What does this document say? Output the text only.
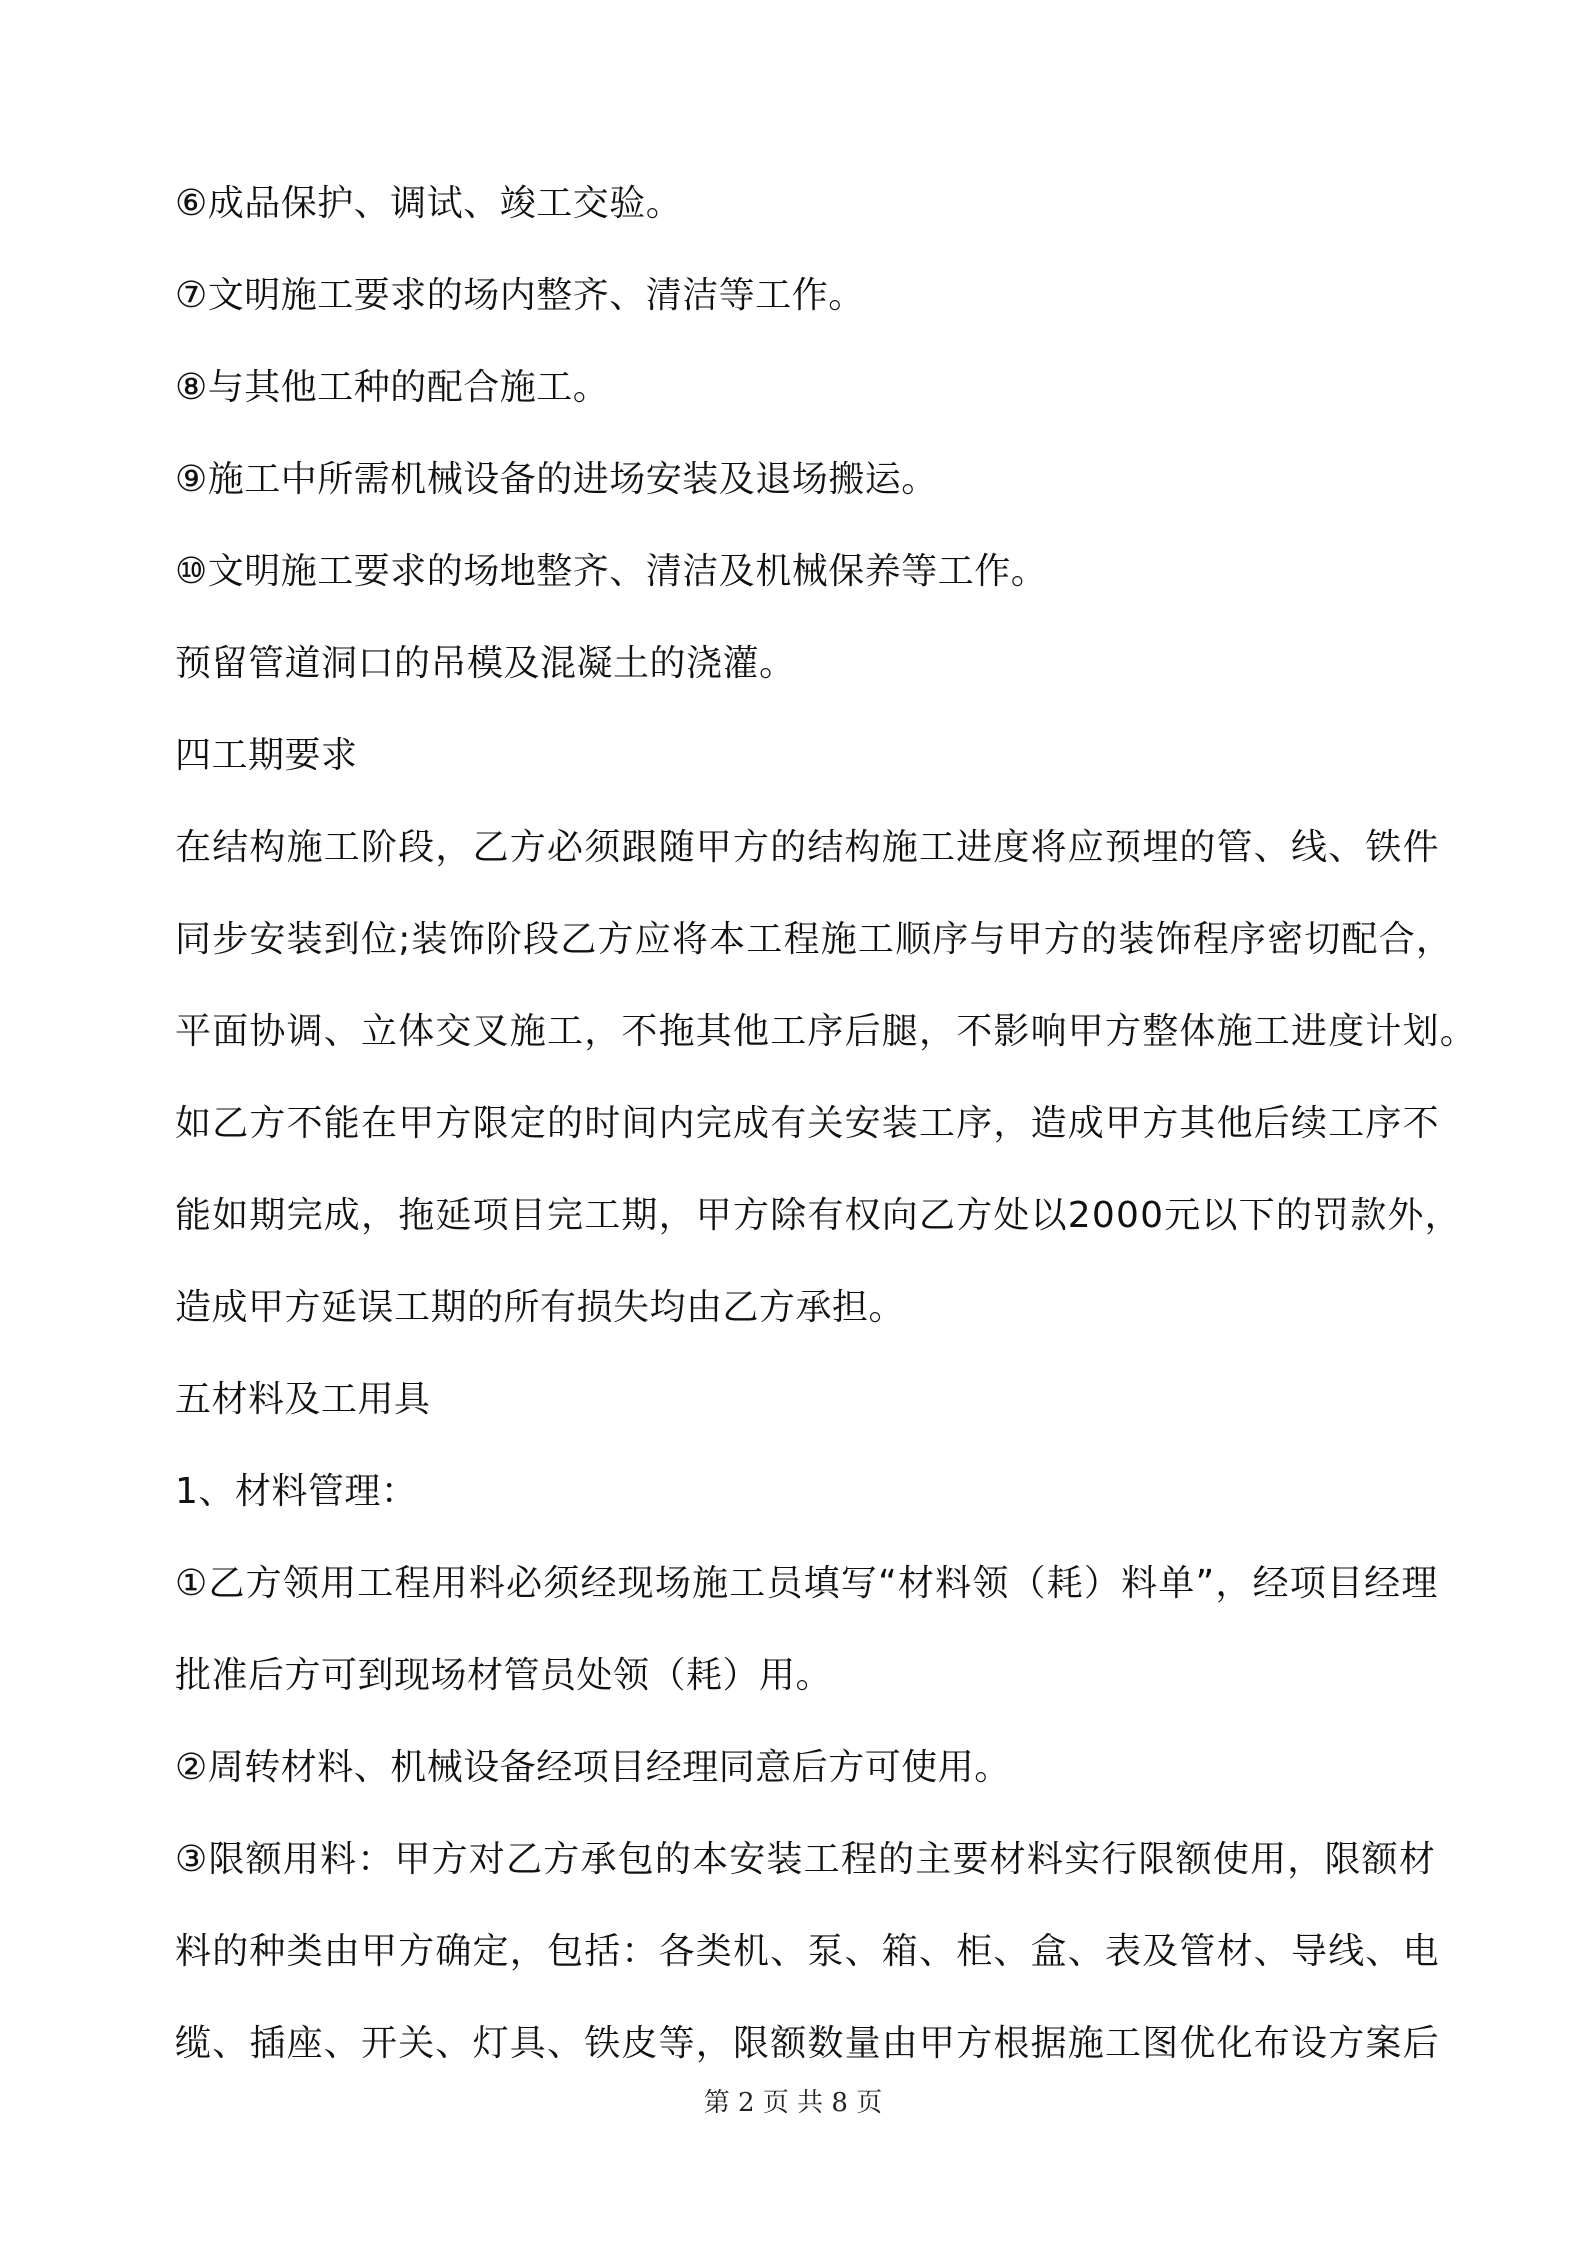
⑥成品保护、调试、竣工交验。
⑦文明施工要求的场内整齐、清洁等工作。
⑧与其他工种的配合施工。
⑨施工中所需机械设备的进场安装及退场搬运。
⑩文明施工要求的场地整齐、清洁及机械保养等工作。
预留管道洞口的吊模及混凝土的浇灌。
四工期要求
在结构施工阶段，乙方必须跟随甲方的结构施工进度将应预埋的管、线、铁件
同步安装到位;装饰阶段乙方应将本工程施工顺序与甲方的装饰程序密切配合，
平面协调、立体交叉施工，不拖其他工序后腿，不影响甲方整体施工进度计划。
如乙方不能在甲方限定的时间内完成有关安装工序，造成甲方其他后续工序不
能如期完成，拖延项目完工期，甲方除有权向乙方处以2000元以下的罚款外，
造成甲方延误工期的所有损失均由乙方承担。
五材料及工用具
1、材料管理：
①乙方领用工程用料必须经现场施工员填写“材料领（耗）料单”，经项目经理
批准后方可到现场材管员处领（耗）用。
②周转材料、机械设备经项目经理同意后方可使用。
③限额用料：甲方对乙方承包的本安装工程的主要材料实行限额使用，限额材
料的种类由甲方确定，包括：各类机、泵、箱、柜、盒、表及管材、导线、电
缆、插座、开关、灯具、铁皮等，限额数量由甲方根据施工图优化布设方案后
第 2 页 共 8 页
